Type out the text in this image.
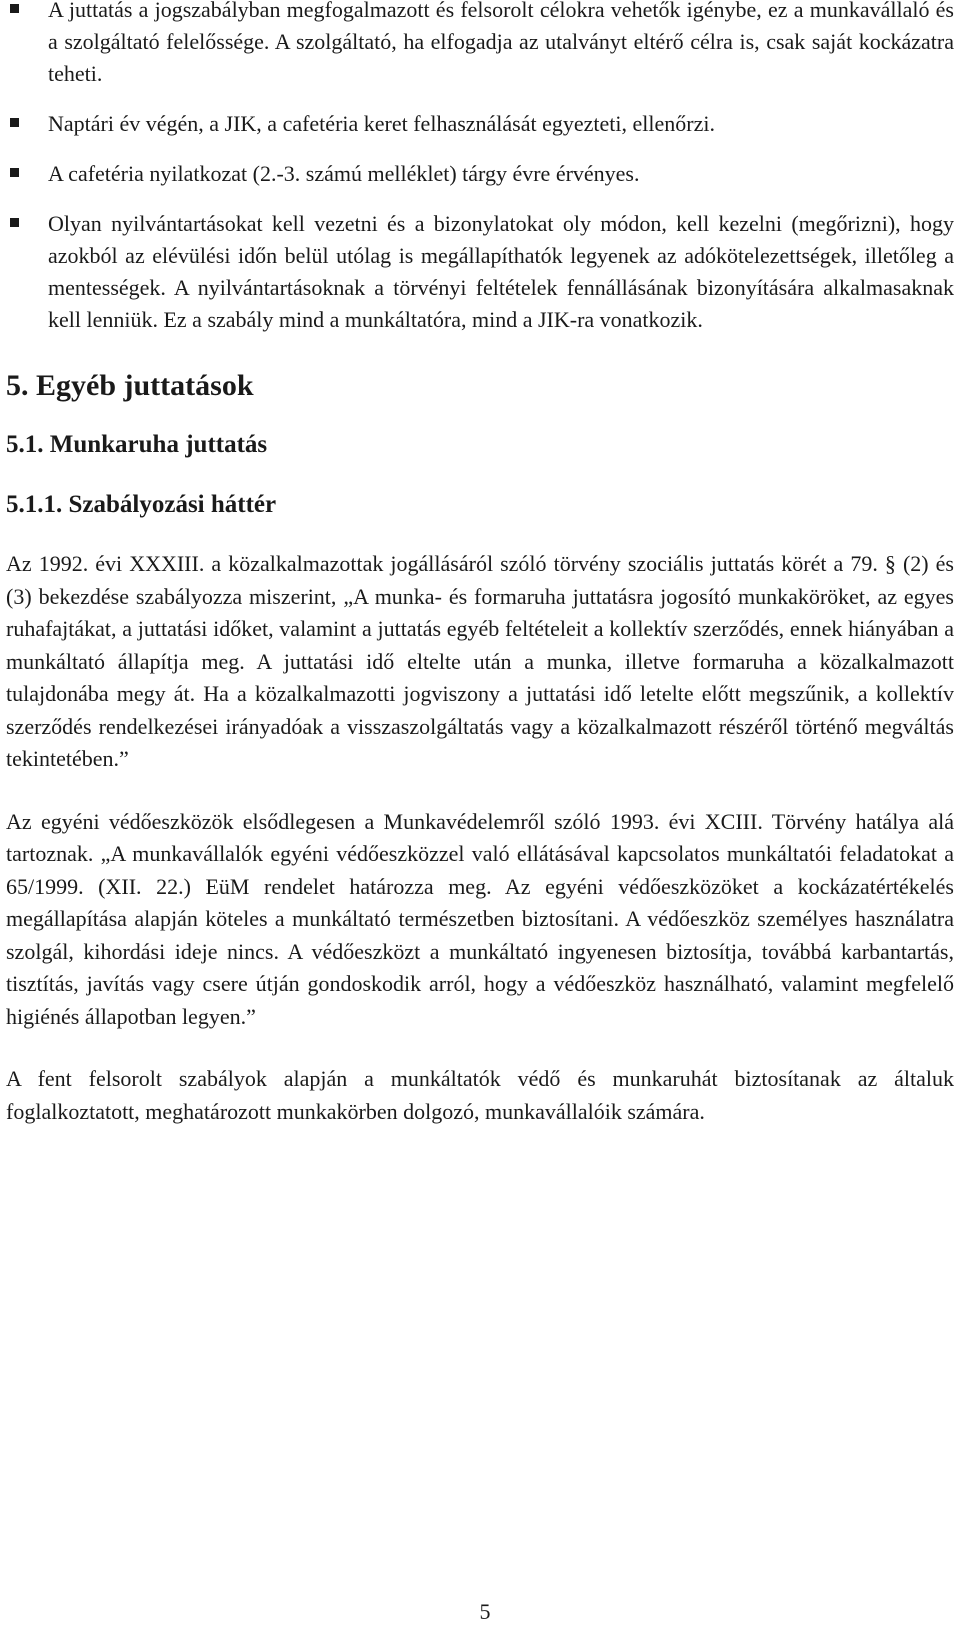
A juttatás a jogszabályban megfogalmazott és felsorolt célokra vehetők igénybe, ez a munkavállaló és a szolgáltató felelőssége. A szolgáltató, ha elfogadja az utalványt eltérő célra is, csak saját kockázatra teheti.
Naptári év végén, a JIK, a cafetéria keret felhasználását egyezteti, ellenőrzi.
A cafetéria nyilatkozat (2.-3. számú melléklet) tárgy évre érvényes.
Olyan nyilvántartásokat kell vezetni és a bizonylatokat oly módon, kell kezelni (megőrizni), hogy azokból az elévülési időn belül utólag is megállapíthatók legyenek az adókötelezettségek, illetőleg a mentességek. A nyilvántartásoknak a törvényi feltételek fennállásának bizonyítására alkalmasaknak kell lenniük. Ez a szabály mind a munkáltatóra, mind a JIK-ra vonatkozik.
5. Egyéb juttatások
5.1. Munkaruha juttatás
5.1.1. Szabályozási háttér

Az 1992. évi XXXIII. a közalkalmazottak jogállásáról szóló törvény szociális juttatás körét a 79. § (2) és (3) bekezdése szabályozza miszerint, „A munka- és formaruha juttatásra jogosító munkaköröket, az egyes ruhafajtákat, a juttatási időket, valamint a juttatás egyéb feltételeit a kollektív szerződés, ennek hiányában a munkáltató állapítja meg. A juttatási idő eltelte után a munka, illetve formaruha a közalkalmazott tulajdonába megy át. Ha a közalkalmazotti jogviszony a juttatási idő letelte előtt megszűnik, a kollektív szerződés rendelkezései irányadóak a visszaszolgáltatás vagy a közalkalmazott részéről történő megváltás tekintetében.”

Az egyéni védőeszközök elsődlegesen a Munkavédelemről szóló 1993. évi XCIII. Törvény hatálya alá tartoznak. „A munkavállalók egyéni védőeszközzel való ellátásával kapcsolatos munkáltatói feladatokat a 65/1999. (XII. 22.) EüM rendelet határozza meg. Az egyéni védőeszközöket a kockázatértékelés megállapítása alapján köteles a munkáltató természetben biztosítani. A védőeszköz személyes használatra szolgál, kihordási ideje nincs. A védőeszközt a munkáltató ingyenesen biztosítja, továbbá karbantartás, tisztítás, javítás vagy csere útján gondoskodik arról, hogy a védőeszköz használható, valamint megfelelő higiénés állapotban legyen.”

A fent felsorolt szabályok alapján a munkáltatók védő és munkaruhát biztosítanak az általuk foglalkoztatott, meghatározott munkakörben dolgozó, munkavállalóik számára.

5
